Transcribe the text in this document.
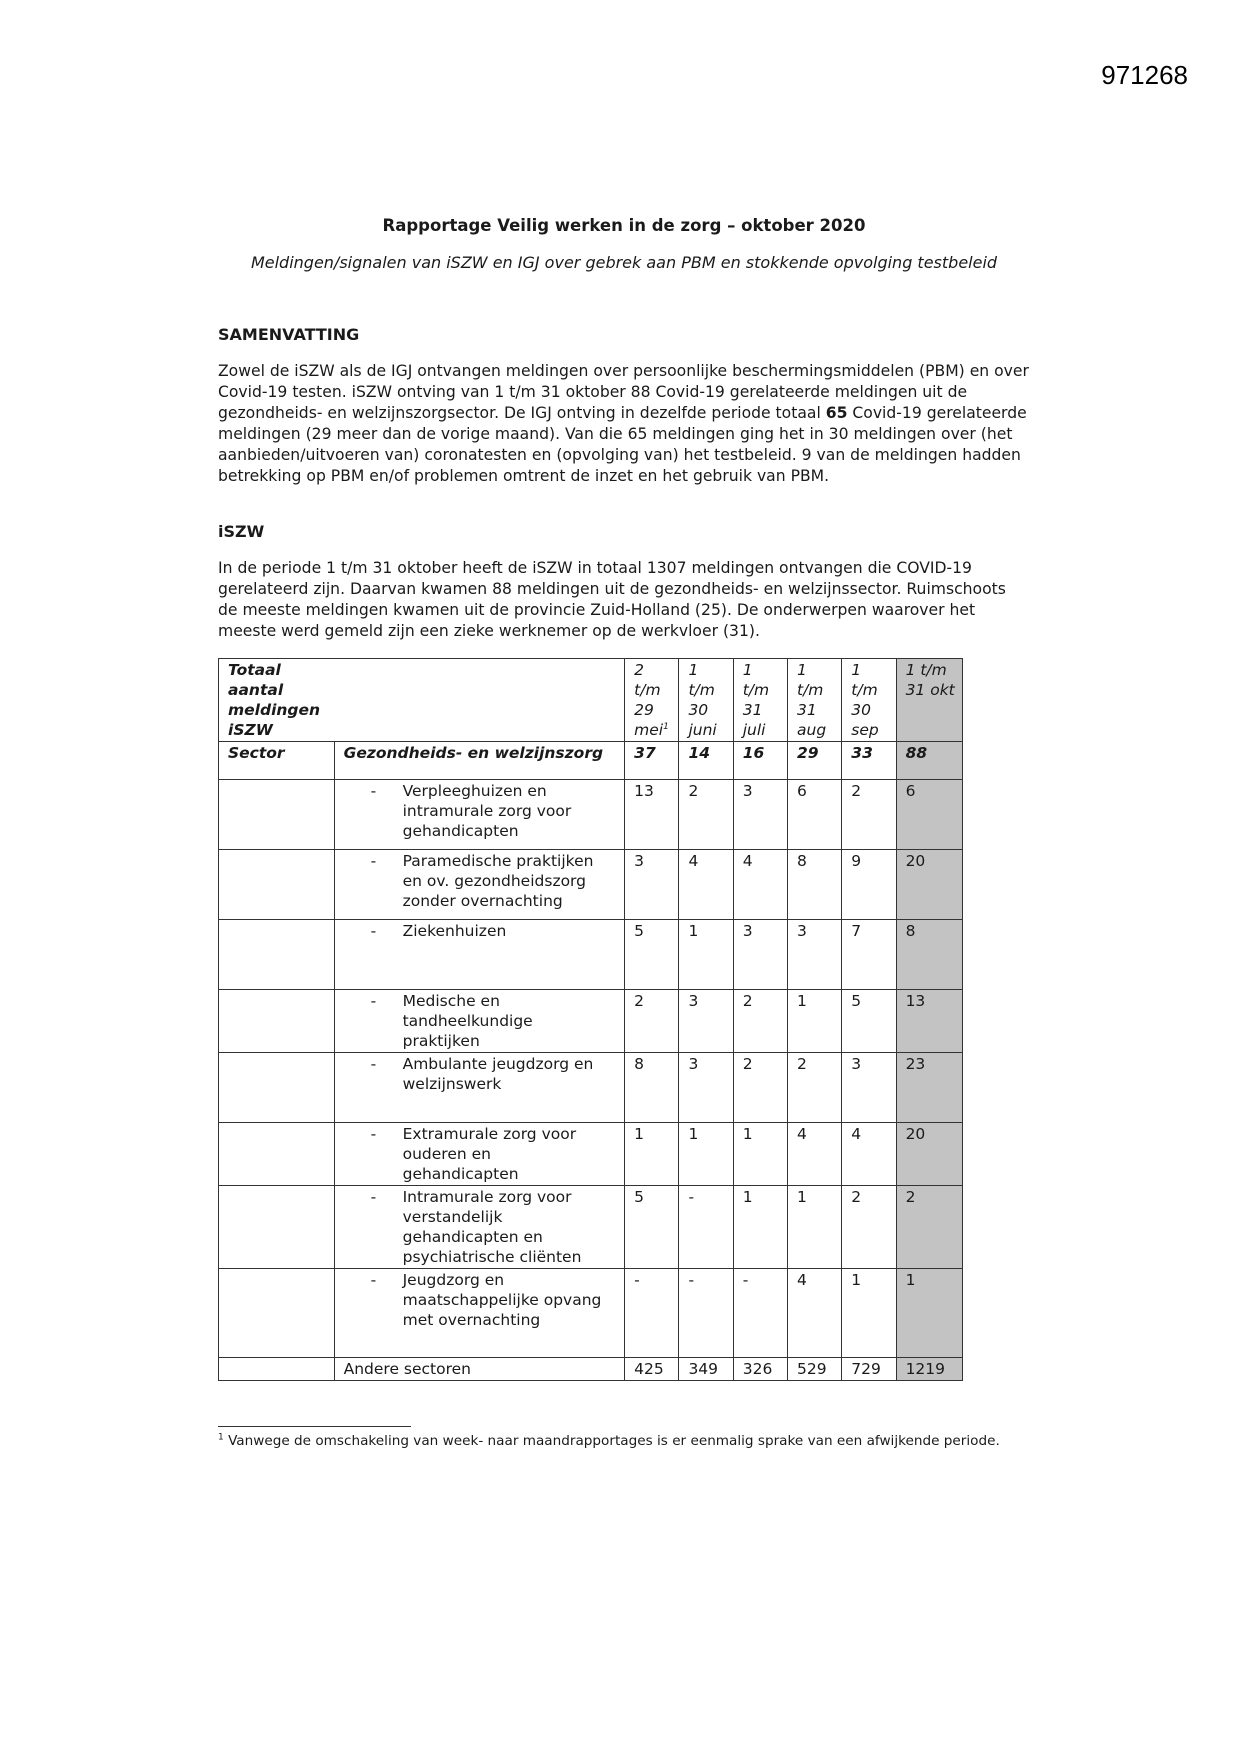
971268
Rapportage Veilig werken in de zorg – oktober 2020
Meldingen/signalen van iSZW en IGJ over gebrek aan PBM en stokkende opvolging testbeleid
SAMENVATTING
Zowel de iSZW als de IGJ ontvangen meldingen over persoonlijke beschermingsmiddelen (PBM) en over Covid-19 testen. iSZW ontving van 1 t/m 31 oktober 88 Covid-19 gerelateerde meldingen uit de gezondheids- en welzijnszorgsector. De IGJ ontving in dezelfde periode totaal 65 Covid-19 gerelateerde meldingen (29 meer dan de vorige maand). Van die 65 meldingen ging het in 30 meldingen over (het aanbieden/uitvoeren van) coronatesten en (opvolging van) het testbeleid. 9 van de meldingen hadden betrekking op PBM en/of problemen omtrent de inzet en het gebruik van PBM.
iSZW
In de periode 1 t/m 31 oktober heeft de iSZW in totaal 1307 meldingen ontvangen die COVID-19 gerelateerd zijn. Daarvan kwamen 88 meldingen uit de gezondheids- en welzijnssector. Ruimschoots de meeste meldingen kwamen uit de provincie Zuid-Holland (25). De onderwerpen waarover het meeste werd gemeld zijn een zieke werknemer op de werkvloer (31).
Totaal aantal meldingen iSZW		2 t/m 29 mei$^1$	1 t/m 30 juni	1 t/m 31 juli	1 t/m 31 aug	1 t/m 30 sep	1 t/m 31 okt
Sector	Gezondheids- en welzijnszorg	37	14	16	29	33	88
	- Verpleeghuizen en intramurale zorg voor gehandicapten	13	2	3	6	2	6
	- Paramedische praktijken en ov. gezondheidszorg zonder overnachting	3	4	4	8	9	20
	- Ziekenhuizen	5	1	3	3	7	8
	- Medische en tandheelkundige praktijken	2	3	2	1	5	13
	- Ambulante jeugdzorg en welzijnswerk	8	3	2	2	3	23
	- Extramurale zorg voor ouderen en gehandicapten	1	1	1	4	4	20
	- Intramurale zorg voor verstandelijk gehandicapten en psychiatrische cliënten	5	-	1	1	2	2
	- Jeugdzorg en maatschappelijke opvang met overnachting	-	-	-	4	1	1
	Andere sectoren	425	349	326	529	729	1219
$^1$ Vanwege de omschakeling van week- naar maandrapportages is er eenmalig sprake van een afwijkende periode.
